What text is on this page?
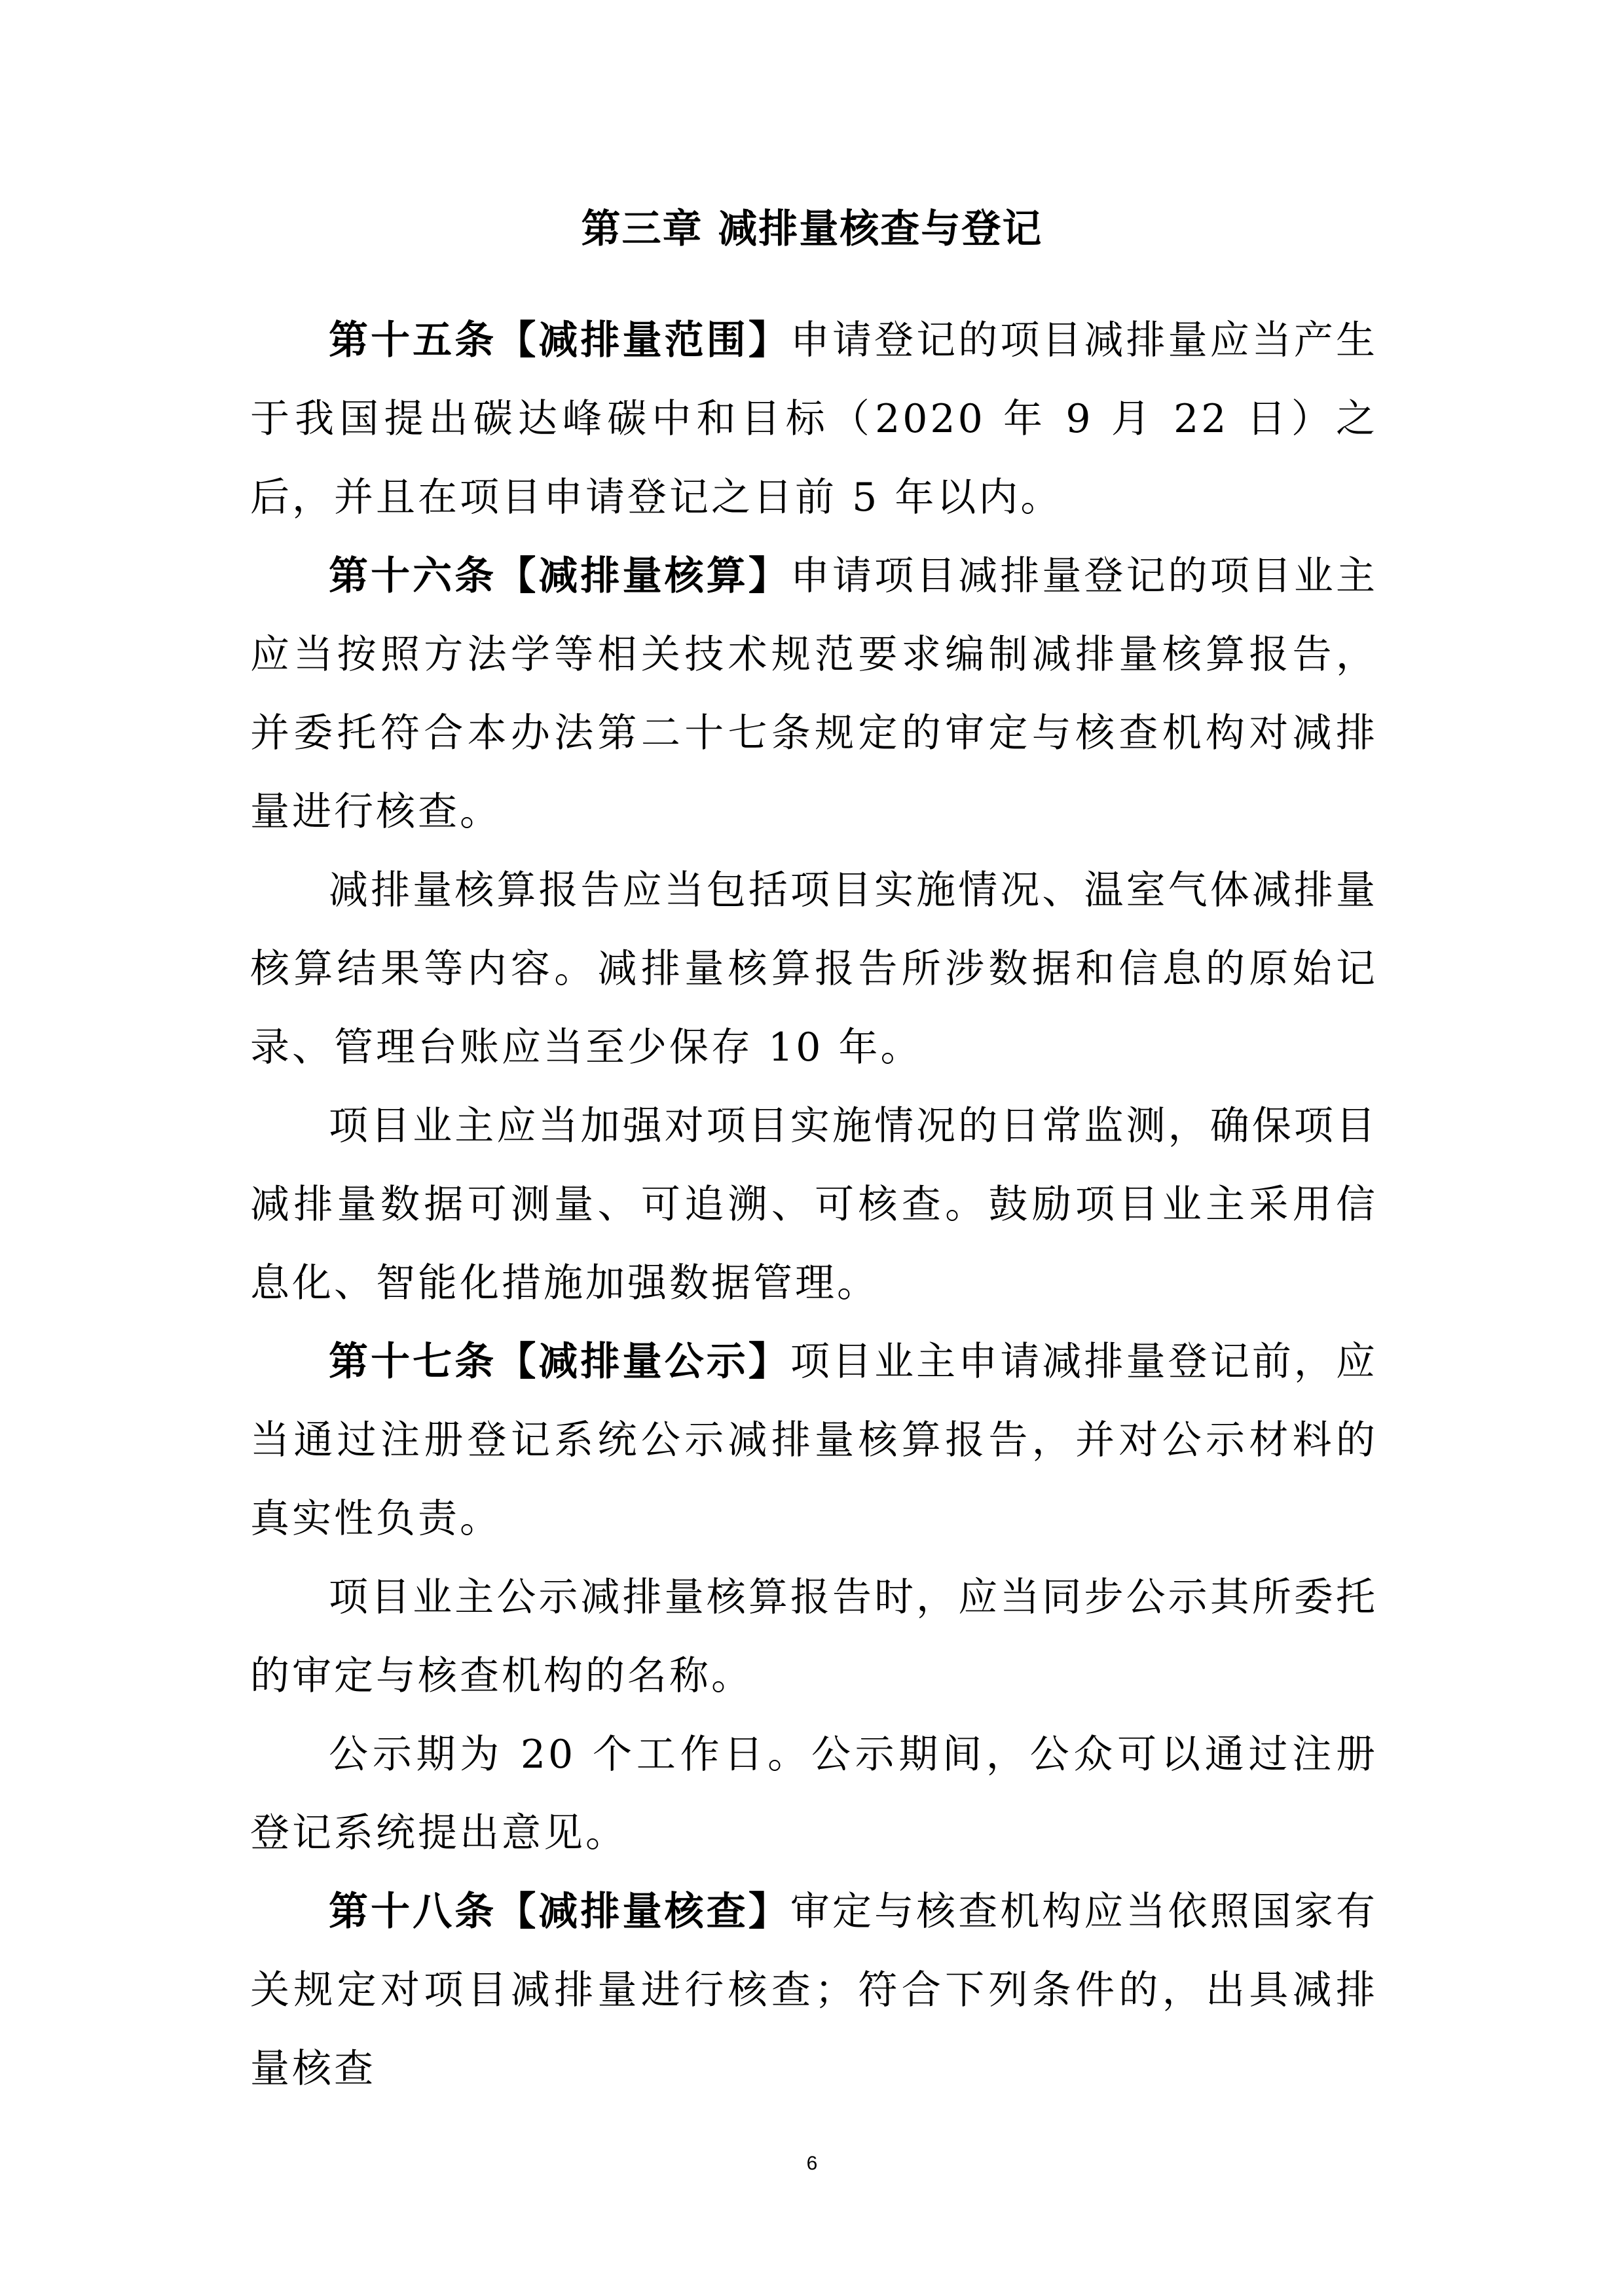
第三章 减排量核查与登记

第十五条【减排量范围】申请登记的项目减排量应当产生于我国提出碳达峰碳中和目标（2020 年 9 月 22 日）之后，并且在项目申请登记之日前 5 年以内。

第十六条【减排量核算】申请项目减排量登记的项目业主应当按照方法学等相关技术规范要求编制减排量核算报告，并委托符合本办法第二十七条规定的审定与核查机构对减排量进行核查。

减排量核算报告应当包括项目实施情况、温室气体减排量核算结果等内容。减排量核算报告所涉数据和信息的原始记录、管理台账应当至少保存 10 年。

项目业主应当加强对项目实施情况的日常监测，确保项目减排量数据可测量、可追溯、可核查。鼓励项目业主采用信息化、智能化措施加强数据管理。

第十七条【减排量公示】项目业主申请减排量登记前，应当通过注册登记系统公示减排量核算报告，并对公示材料的真实性负责。

项目业主公示减排量核算报告时，应当同步公示其所委托的审定与核查机构的名称。

公示期为 20 个工作日。公示期间，公众可以通过注册登记系统提出意见。

第十八条【减排量核查】审定与核查机构应当依照国家有关规定对项目减排量进行核查；符合下列条件的，出具减排量核查

6
